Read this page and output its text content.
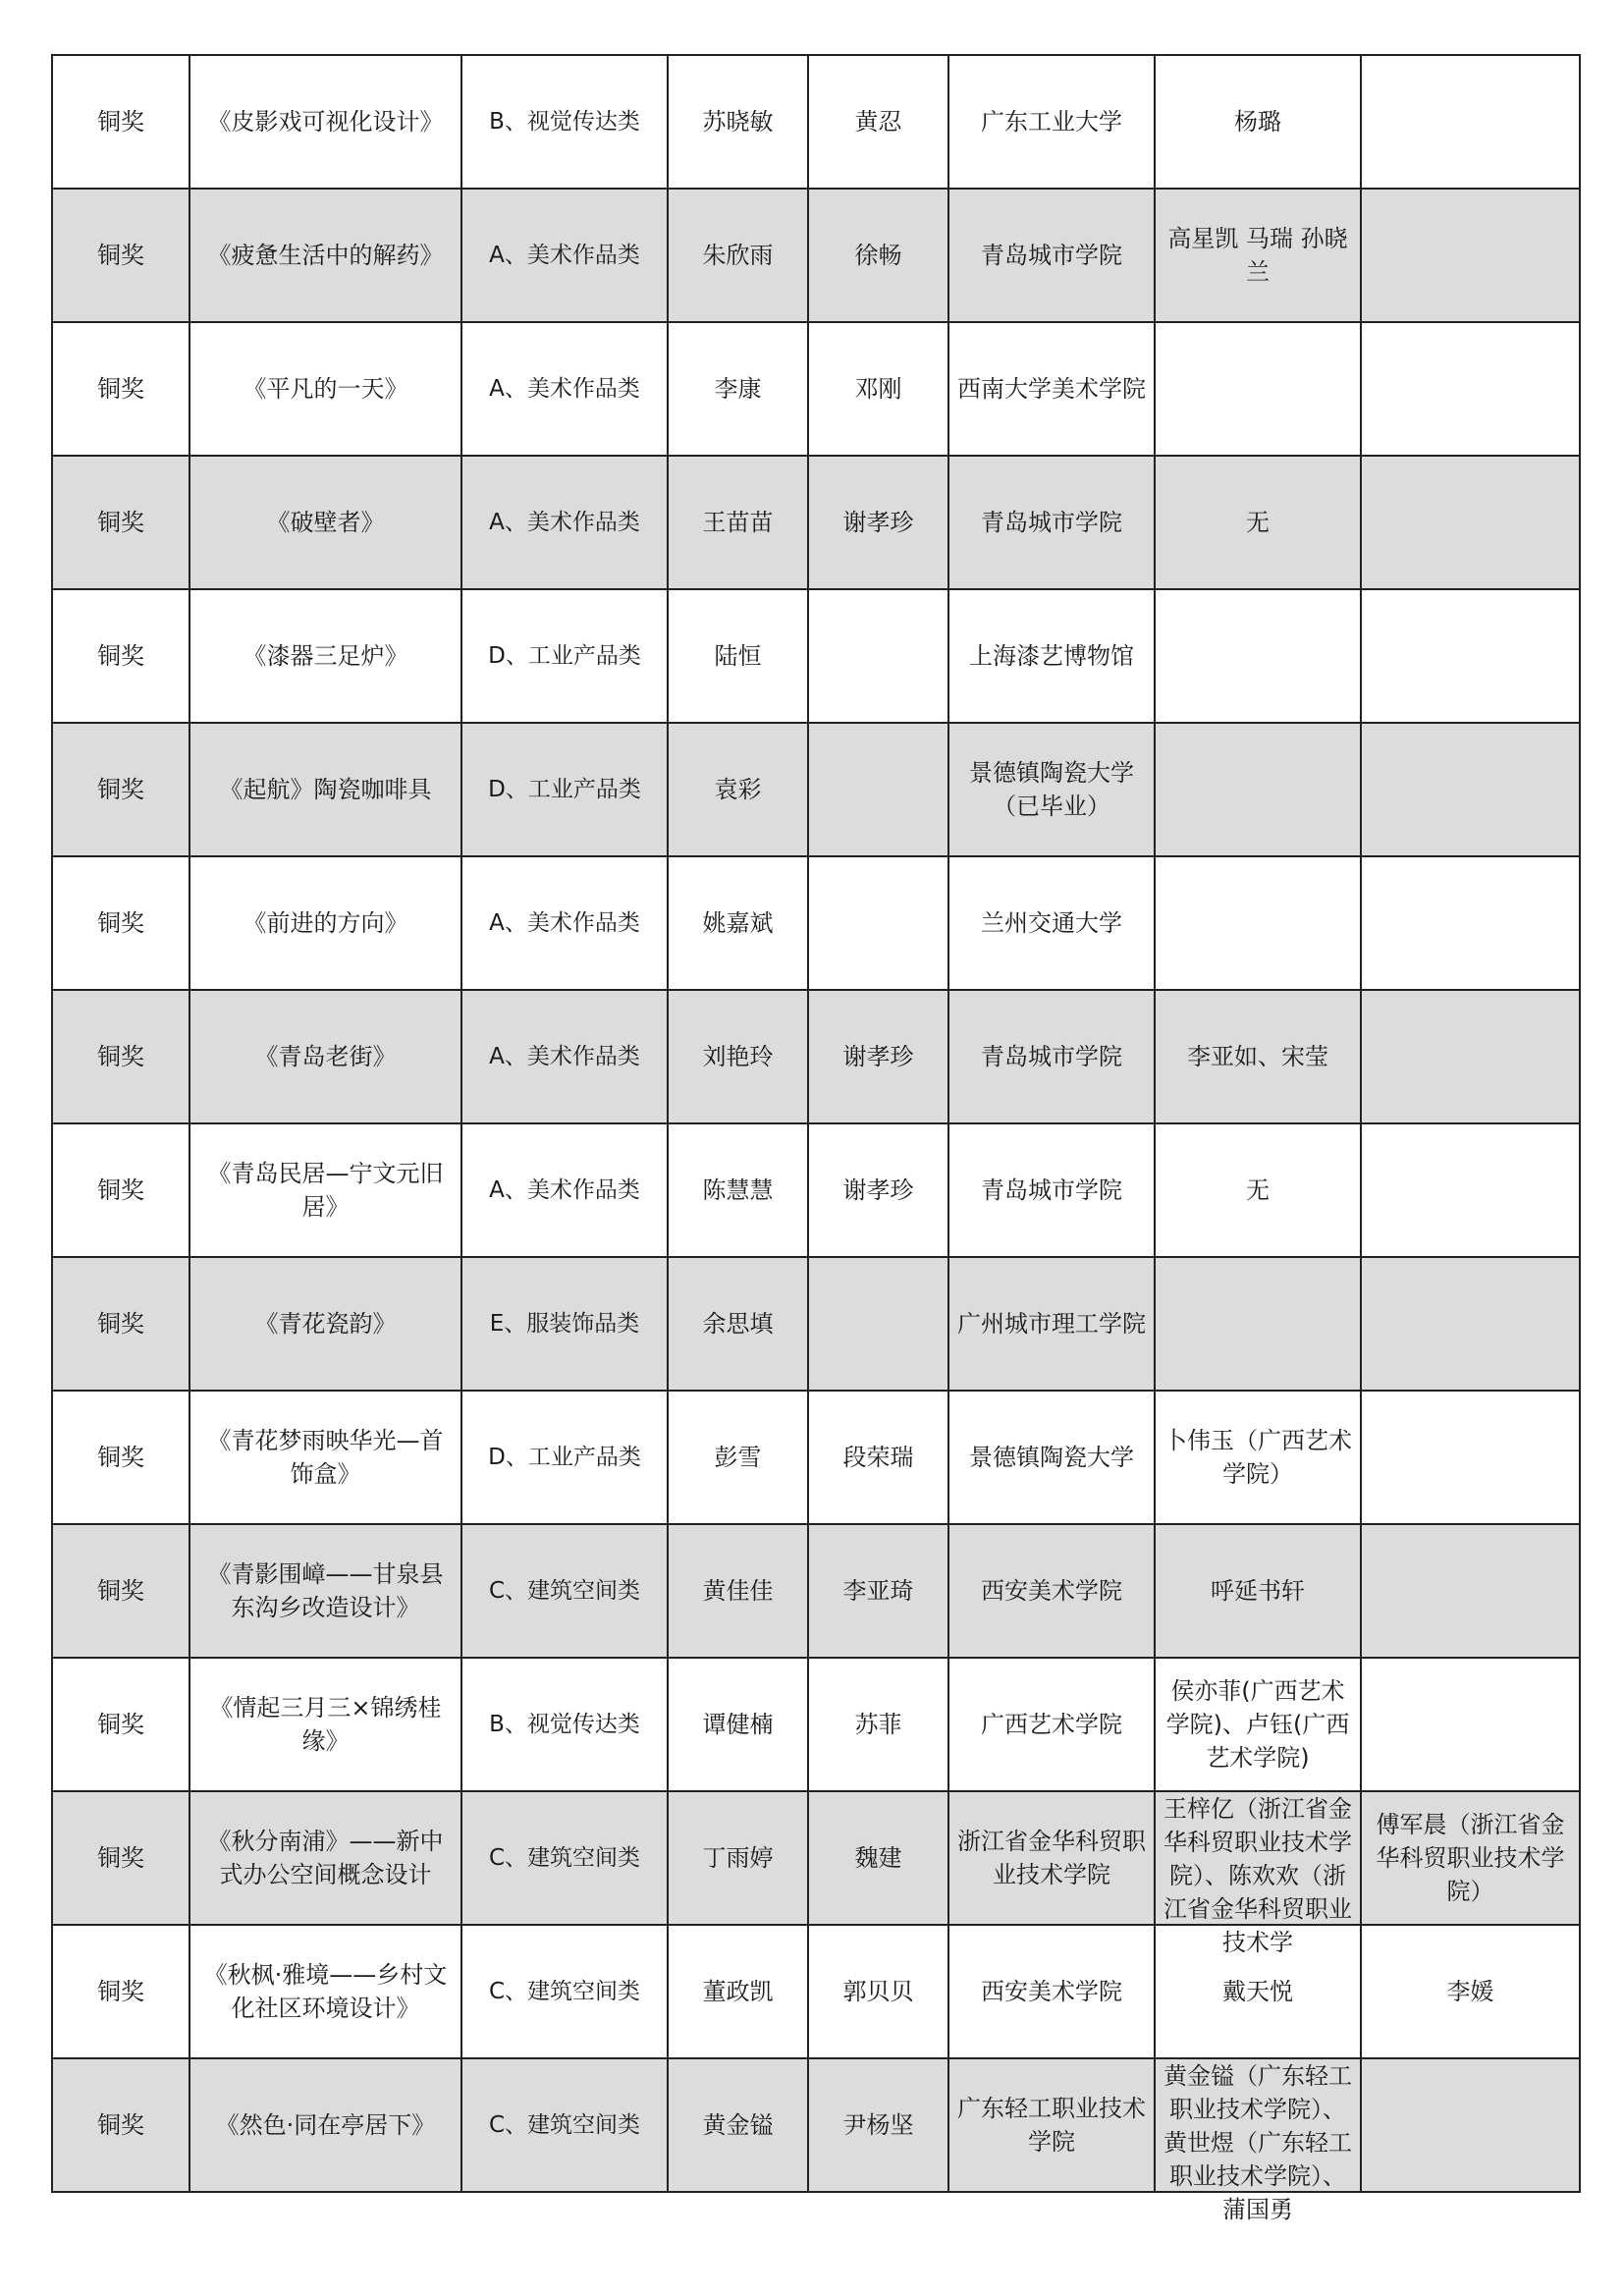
铜奖	《皮影戏可视化设计》	B、视觉传达类	苏晓敏	黄忍	广东工业大学	杨璐	

铜奖	《疲惫生活中的解药》	A、美术作品类	朱欣雨	徐畅	青岛城市学院	高星凯 马瑞 孙晓兰	

铜奖	《平凡的一天》	A、美术作品类	李康	邓刚	西南大学美术学院		

铜奖	《破壁者》	A、美术作品类	王苗苗	谢孝珍	青岛城市学院	无	

铜奖	《漆器三足炉》	D、工业产品类	陆恒		上海漆艺博物馆		

铜奖	《起航》陶瓷咖啡具	D、工业产品类	袁彩		景德镇陶瓷大学（已毕业）		

铜奖	《前进的方向》	A、美术作品类	姚嘉斌		兰州交通大学		

铜奖	《青岛老街》	A、美术作品类	刘艳玲	谢孝珍	青岛城市学院	李亚如、宋莹	

铜奖	《青岛民居—宁文元旧居》	A、美术作品类	陈慧慧	谢孝珍	青岛城市学院	无	

铜奖	《青花瓷韵》	E、服装饰品类	余思填		广州城市理工学院		

铜奖	《青花梦雨映华光—首饰盒》	D、工业产品类	彭雪	段荣瑞	景德镇陶瓷大学	卜伟玉（广西艺术学院）	

铜奖	《青影围嶂——甘泉县东沟乡改造设计》	C、建筑空间类	黄佳佳	李亚琦	西安美术学院	呼延书轩	

铜奖	《情起三月三×锦绣桂缘》	B、视觉传达类	谭健楠	苏菲	广西艺术学院	侯亦菲(广西艺术学院)、卢钰(广西艺术学院)	

铜奖	《秋分南浦》——新中式办公空间概念设计	C、建筑空间类	丁雨婷	魏建	浙江省金华科贸职业技术学院	王梓亿（浙江省金华科贸职业技术学院）、陈欢欢（浙江省金华科贸职业技术学	傅军晨（浙江省金华科贸职业技术学院）

铜奖	《秋枫·雅境——乡村文化社区环境设计》	C、建筑空间类	董政凯	郭贝贝	西安美术学院	戴天悦	李媛

铜奖	《然色·同在亭居下》	C、建筑空间类	黄金镒	尹杨坚	广东轻工职业技术学院	黄金镒（广东轻工职业技术学院）、黄世煜（广东轻工职业技术学院）、蒲国勇	
